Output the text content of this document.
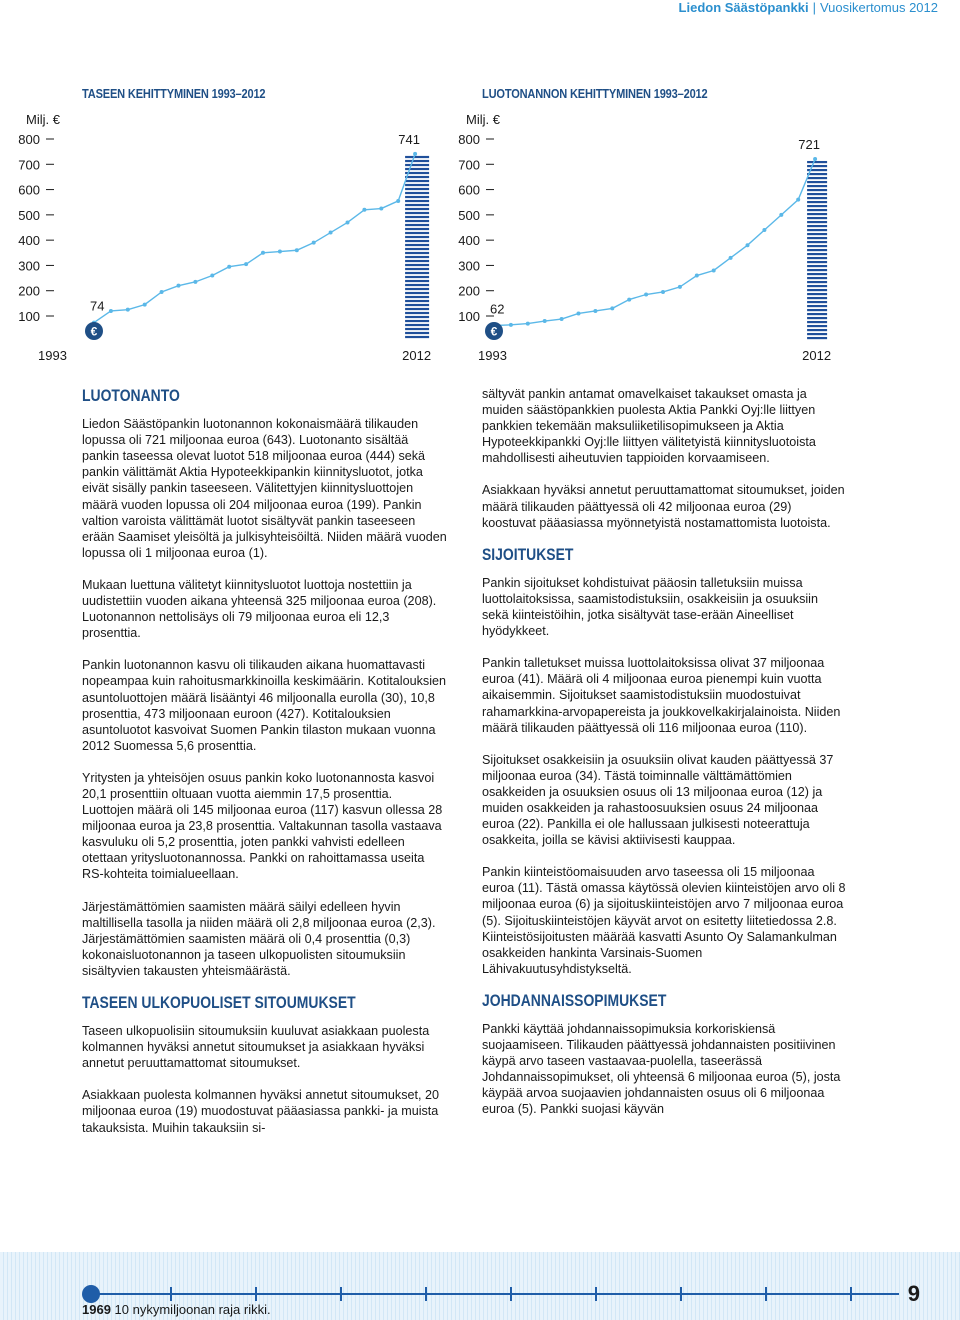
Liedon Säästöpankki | Vuosikertomus 2012
TASEEN KEHITTYMINEN 1993–2012
Milj. €
800
700
600
500
400
300
200
100
74
741
€
1993	2012
LUOTONANNON KEHITTYMINEN 1993–2012
Milj. €
800
700
600
500
400
300
200
100 62
721
€
1993	2012
LUOTONANTO

Liedon Säästöpankin luotonannon kokonaismäärä tilikauden lopussa oli 721 miljoonaa euroa (643). Luotonanto sisältää pankin taseessa olevat luotot 518 miljoonaa euroa (444) sekä pankin välittämät Aktia Hypoteekkipankin kiinnitysluotot, jotka eivät sisälly pankin taseeseen. Välitettyjen kiinnitysluottojen määrä vuoden lopussa oli 204 miljoonaa euroa (199). Pankin valtion varoista välittämät luotot sisältyvät pankin taseeseen erään Saamiset yleisöltä ja julkisyhteisöiltä. Niiden määrä vuoden lopussa oli 1 miljoonaa euroa (1).

Mukaan luettuna välitetyt kiinnitysluotot luottoja nostettiin ja uudistettiin vuoden aikana yhteensä 325 miljoonaa euroa (208). Luotonannon nettolisäys oli 79 miljoonaa euroa eli 12,3 prosenttia.

Pankin luotonannon kasvu oli tilikauden aikana huomattavasti nopeampaa kuin rahoitusmarkkinoilla keskimäärin. Kotitalouksien asuntoluottojen määrä lisääntyi 46 miljoonalla eurolla (30), 10,8 prosenttia, 473 miljoonaan euroon (427). Kotitalouksien asuntoluotot kasvoivat Suomen Pankin tilaston mukaan vuonna 2012 Suomessa 5,6 prosenttia.

Yritysten ja yhteisöjen osuus pankin koko luotonannosta kasvoi 20,1 prosenttiin oltuaan vuotta aiemmin 17,5 prosenttia. Luottojen määrä oli 145 miljoonaa euroa (117) kasvun ollessa 28 miljoonaa euroa ja 23,8 prosenttia. Valtakunnan tasolla vastaava kasvuluku oli 5,2 prosenttia, joten pankki vahvisti edelleen otettaan yritysluotonannossa. Pankki on rahoittamassa useita RS-kohteita toimialueellaan.

Järjestämättömien saamisten määrä säilyi edelleen hyvin maltillisella tasolla ja niiden määrä oli 2,8 miljoonaa euroa (2,3). Järjestämättömien saamisten määrä oli 0,4 prosenttia (0,3) kokonaisluotonannon ja taseen ulkopuolisten sitoumuksiin sisältyvien takausten yhteismäärästä.

TASEEN ULKOPUOLISET SITOUMUKSET

Taseen ulkopuolisiin sitoumuksiin kuuluvat asiakkaan puolesta kolmannen hyväksi annetut sitoumukset ja asiakkaan hyväksi annetut peruuttamattomat sitoumukset.

Asiakkaan puolesta kolmannen hyväksi annetut sitoumukset, 20 miljoonaa euroa (19) muodostuvat pääasiassa pankki- ja muista takauksista. Muihin takauksiin si-

sältyvät pankin antamat omavelkaiset takaukset omasta ja muiden säästöpankkien puolesta Aktia Pankki Oyj:lle liittyen pankkien tekemään maksuliiketilisopimukseen ja Aktia Hypoteekkipankki Oyj:lle liittyen välitetyistä kiinnitysluotoista mahdollisesti aiheutuvien tappioiden korvaamiseen.

Asiakkaan hyväksi annetut peruuttamattomat sitoumukset, joiden määrä tilikauden päättyessä oli 42 miljoonaa euroa (29) koostuvat pääasiassa myönnetyistä nostamattomista luotoista.

SIJOITUKSET

Pankin sijoitukset kohdistuivat pääosin talletuksiin muissa luottolaitoksissa, saamistodistuksiin, osakkeisiin ja osuuksiin sekä kiinteistöihin, jotka sisältyvät tase-erään Aineelliset hyödykkeet.

Pankin talletukset muissa luottolaitoksissa olivat 37 miljoonaa euroa (41). Määrä oli 4 miljoonaa euroa pienempi kuin vuotta aikaisemmin. Sijoitukset saamistodistuksiin muodostuivat rahamarkkina-arvopapereista ja joukkovelkakirjalainoista. Niiden määrä tilikauden päättyessä oli 116 miljoonaa euroa (110).

Sijoitukset osakkeisiin ja osuuksiin olivat kauden päättyessä 37 miljoonaa euroa (34). Tästä toiminnalle välttämättömien osakkeiden ja osuuksien osuus oli 13 miljoonaa euroa (12) ja muiden osakkeiden ja rahastoosuuksien osuus 24 miljoonaa euroa (22). Pankilla ei ole hallussaan julkisesti noteerattuja osakkeita, joilla se kävisi aktiivisesti kauppaa.

Pankin kiinteistöomaisuuden arvo taseessa oli 15 miljoonaa euroa (11). Tästä omassa käytössä olevien kiinteistöjen arvo oli 8 miljoonaa euroa (6) ja sijoituskiinteistöjen arvo 7 miljoonaa euroa (5). Sijoituskiinteistöjen käyvät arvot on esitetty liitetiedossa 2.8. Kiinteistösijoitusten määrää kasvatti Asunto Oy Salamankulman osakkeiden hankinta Varsinais-Suomen Lähivakuutusyhdistykseltä.

JOHDANNAISSOPIMUKSET

Pankki käyttää johdannaissopimuksia korkoriskiensä suojaamiseen. Tilikauden päättyessä johdannaisten positiivinen käypä arvo taseen vastaavaa-puolella, taseerässä Johdannaissopimukset, oli yhteensä 6 miljoonaa euroa (5), josta käypää arvoa suojaavien johdannaisten osuus oli 6 miljoonaa euroa (5). Pankki suojasi käyvän

1969 10 nykymiljoonan raja rikki.
9
